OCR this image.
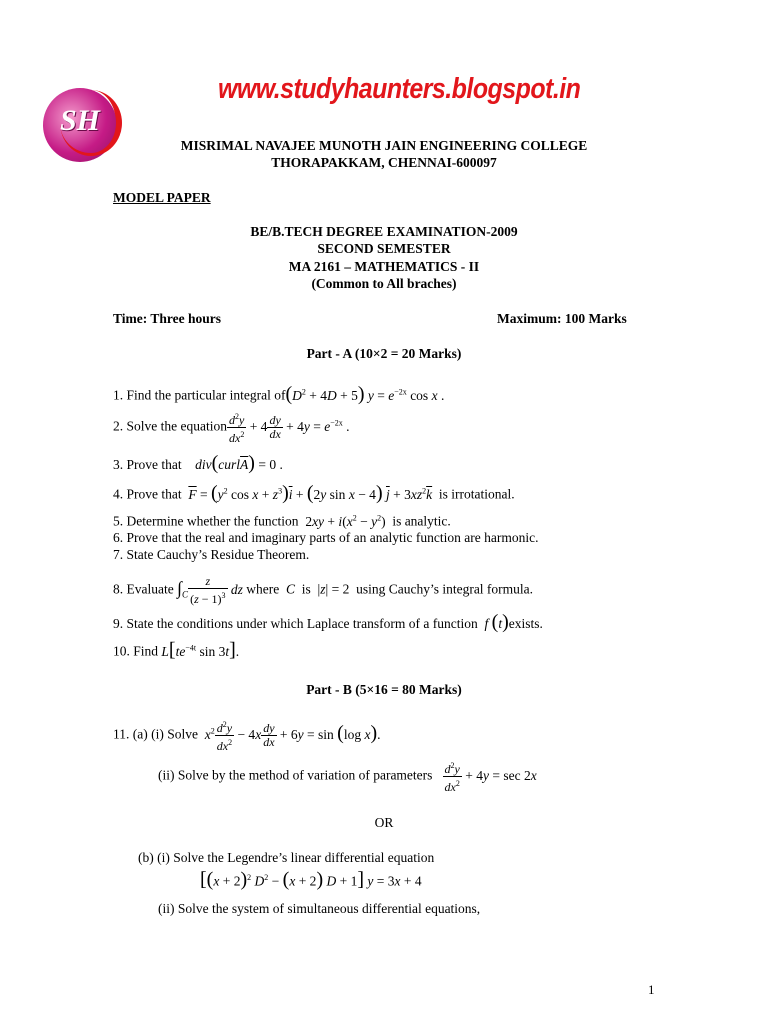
SH
www.studyhaunters.blogspot.in
MISRIMAL NAVAJEE MUNOTH JAIN ENGINEERING COLLEGE
THORAPAKKAM, CHENNAI-600097
MODEL PAPER
BE/B.TECH DEGREE EXAMINATION-2009
SECOND SEMESTER
MA 2161 – MATHEMATICS - II
(Common to All braches)
Time: Three hours	Maximum: 100 Marks
Part - A (10×2 = 20 Marks)
1. Find the particular integral $of(D^2 + 4D + 5) y = e^{-2x}$ cos x .
2. Solve the equation $\frac{d^2y}{dx^2} + 4 \frac{dy}{dx} + 4y = e^{-2x}$ .
3. Prove that $div(curl\overline{A}) = 0$ .
4. Prove that $\overline{F} = (y^2$ $\cos x + z^3)\overline{i} + (2y$ sin x − 4) $\overline{j} + 3xz^2\overline{k}$ is irrotational.
5. Determine whether the function $2xy + i(x^2 - y^2)$ is analytic.
6. Prove that the real and imaginary parts of an analytic function are harmonic.
7. State Cauchy’s Residue Theorem.
8. Evaluate $\int_C \frac{z}{(z - 1)^3}$ dz where C is |z| = 2 using Cauchy’s integral formula.
9. State the conditions under which Laplace transform of a function f (t)exists.
10. Find $L[te^{-4t}$ sin 3t].
Part - B (5×16 = 80 Marks)
11. (a) (i) Solve $x^2 \frac{d^2y}{dx^2} - 4x \frac{dy}{dx} + 6y = \sin (\log$ x).
(ii) Solve by the method of variation of parameters $\frac{d^2y}{dx^2} + 4y = \sec 2x$
OR
(b) (i) Solve the Legendre’s linear differential equation
[$(x + 2)^2$ $D^2 - (x + 2) D + 1$] y = 3x + 4
(ii) Solve the system of simultaneous differential equations,
1
